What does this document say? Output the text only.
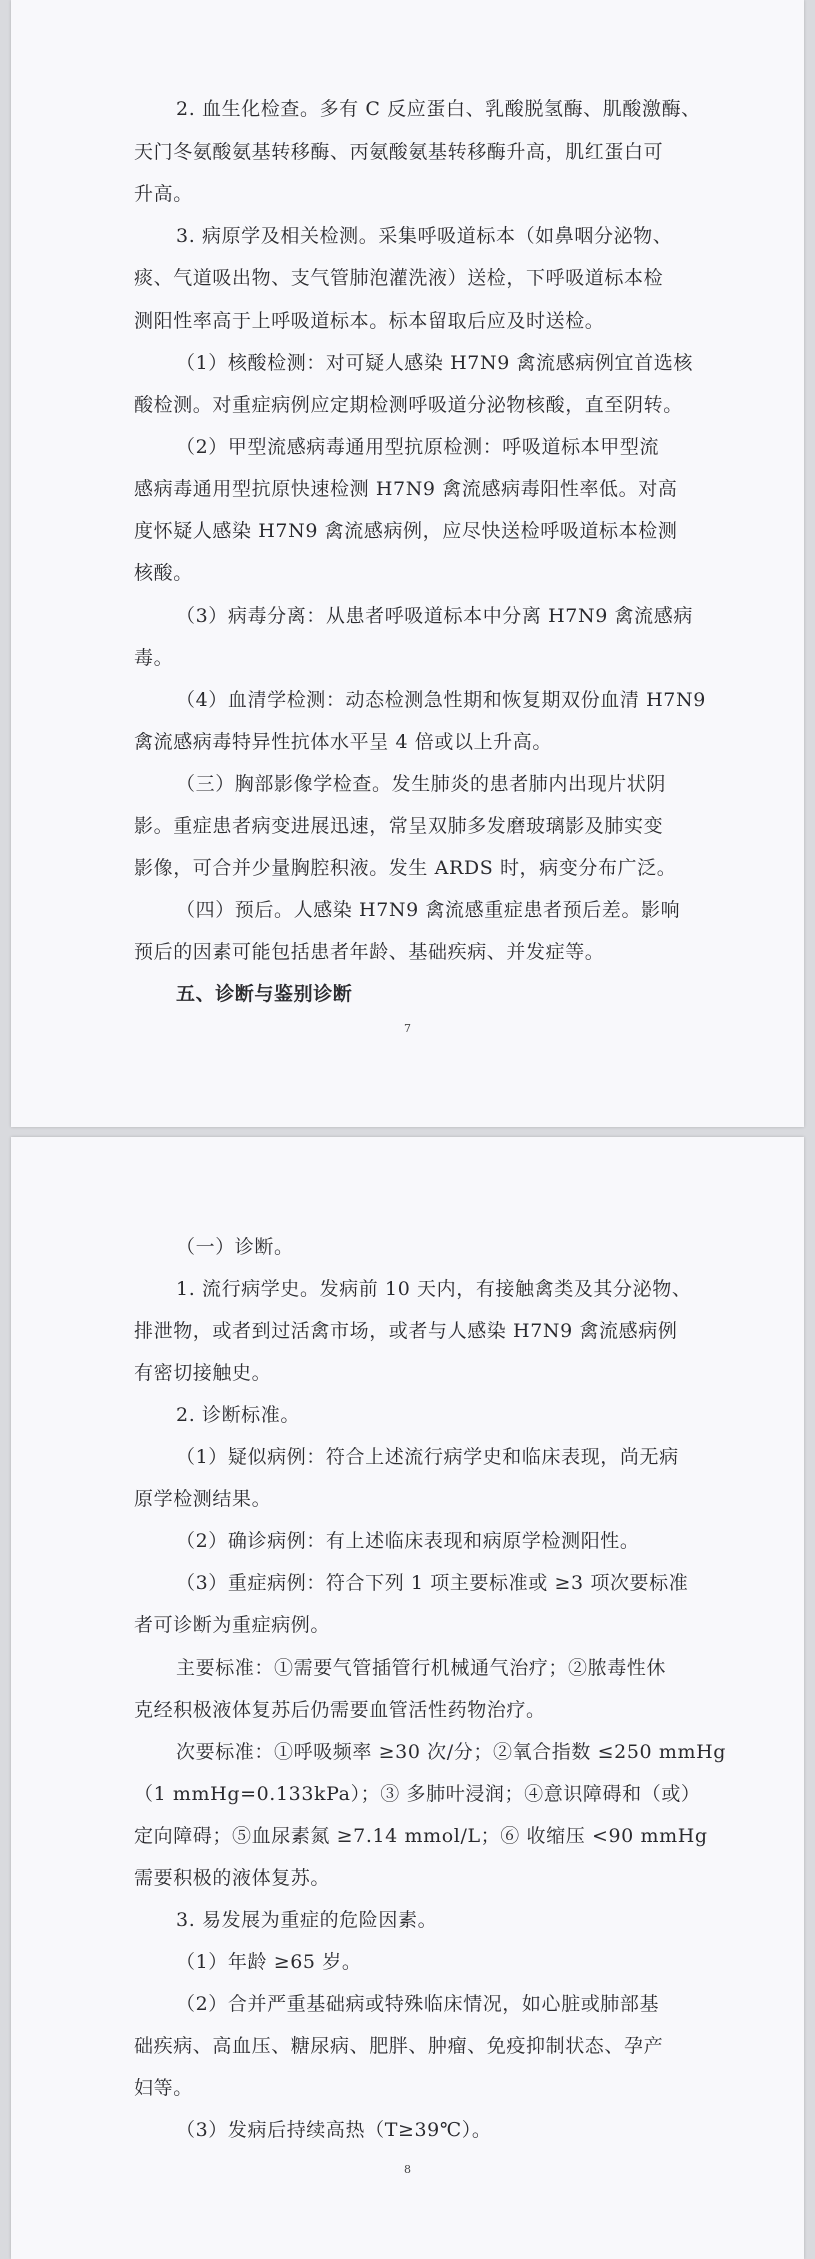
2. 血生化检查。多有 C 反应蛋白、乳酸脱氢酶、肌酸激酶、
天门冬氨酸氨基转移酶、丙氨酸氨基转移酶升高，肌红蛋白可
升高。
3. 病原学及相关检测。采集呼吸道标本（如鼻咽分泌物、
痰、气道吸出物、支气管肺泡灌洗液）送检，下呼吸道标本检
测阳性率高于上呼吸道标本。标本留取后应及时送检。
（1）核酸检测：对可疑人感染 H7N9 禽流感病例宜首选核
酸检测。对重症病例应定期检测呼吸道分泌物核酸，直至阴转。
（2）甲型流感病毒通用型抗原检测：呼吸道标本甲型流
感病毒通用型抗原快速检测 H7N9 禽流感病毒阳性率低。对高
度怀疑人感染 H7N9 禽流感病例，应尽快送检呼吸道标本检测
核酸。
（3）病毒分离：从患者呼吸道标本中分离 H7N9 禽流感病
毒。
（4）血清学检测：动态检测急性期和恢复期双份血清 H7N9
禽流感病毒特异性抗体水平呈 4 倍或以上升高。
（三）胸部影像学检查。发生肺炎的患者肺内出现片状阴
影。重症患者病变进展迅速，常呈双肺多发磨玻璃影及肺实变
影像，可合并少量胸腔积液。发生 ARDS 时，病变分布广泛。
（四）预后。人感染 H7N9 禽流感重症患者预后差。影响
预后的因素可能包括患者年龄、基础疾病、并发症等。
五、诊断与鉴别诊断
7
（一）诊断。
1. 流行病学史。发病前 10 天内，有接触禽类及其分泌物、
排泄物，或者到过活禽市场，或者与人感染 H7N9 禽流感病例
有密切接触史。
2. 诊断标准。
（1）疑似病例：符合上述流行病学史和临床表现，尚无病
原学检测结果。
（2）确诊病例：有上述临床表现和病原学检测阳性。
（3）重症病例：符合下列 1 项主要标准或 ≥3 项次要标准
者可诊断为重症病例。
主要标准：①需要气管插管行机械通气治疗；②脓毒性休
克经积极液体复苏后仍需要血管活性药物治疗。
次要标准：①呼吸频率 ≥30 次/分；②氧合指数 ≤250 mmHg
（1 mmHg=0.133kPa）；③ 多肺叶浸润；④意识障碍和（或）
定向障碍；⑤血尿素氮 ≥7.14 mmol/L；⑥ 收缩压 <90 mmHg
需要积极的液体复苏。
3. 易发展为重症的危险因素。
（1）年龄 ≥65 岁。
（2）合并严重基础病或特殊临床情况，如心脏或肺部基
础疾病、高血压、糖尿病、肥胖、肿瘤、免疫抑制状态、孕产
妇等。
（3）发病后持续高热（T≥39℃）。
8
